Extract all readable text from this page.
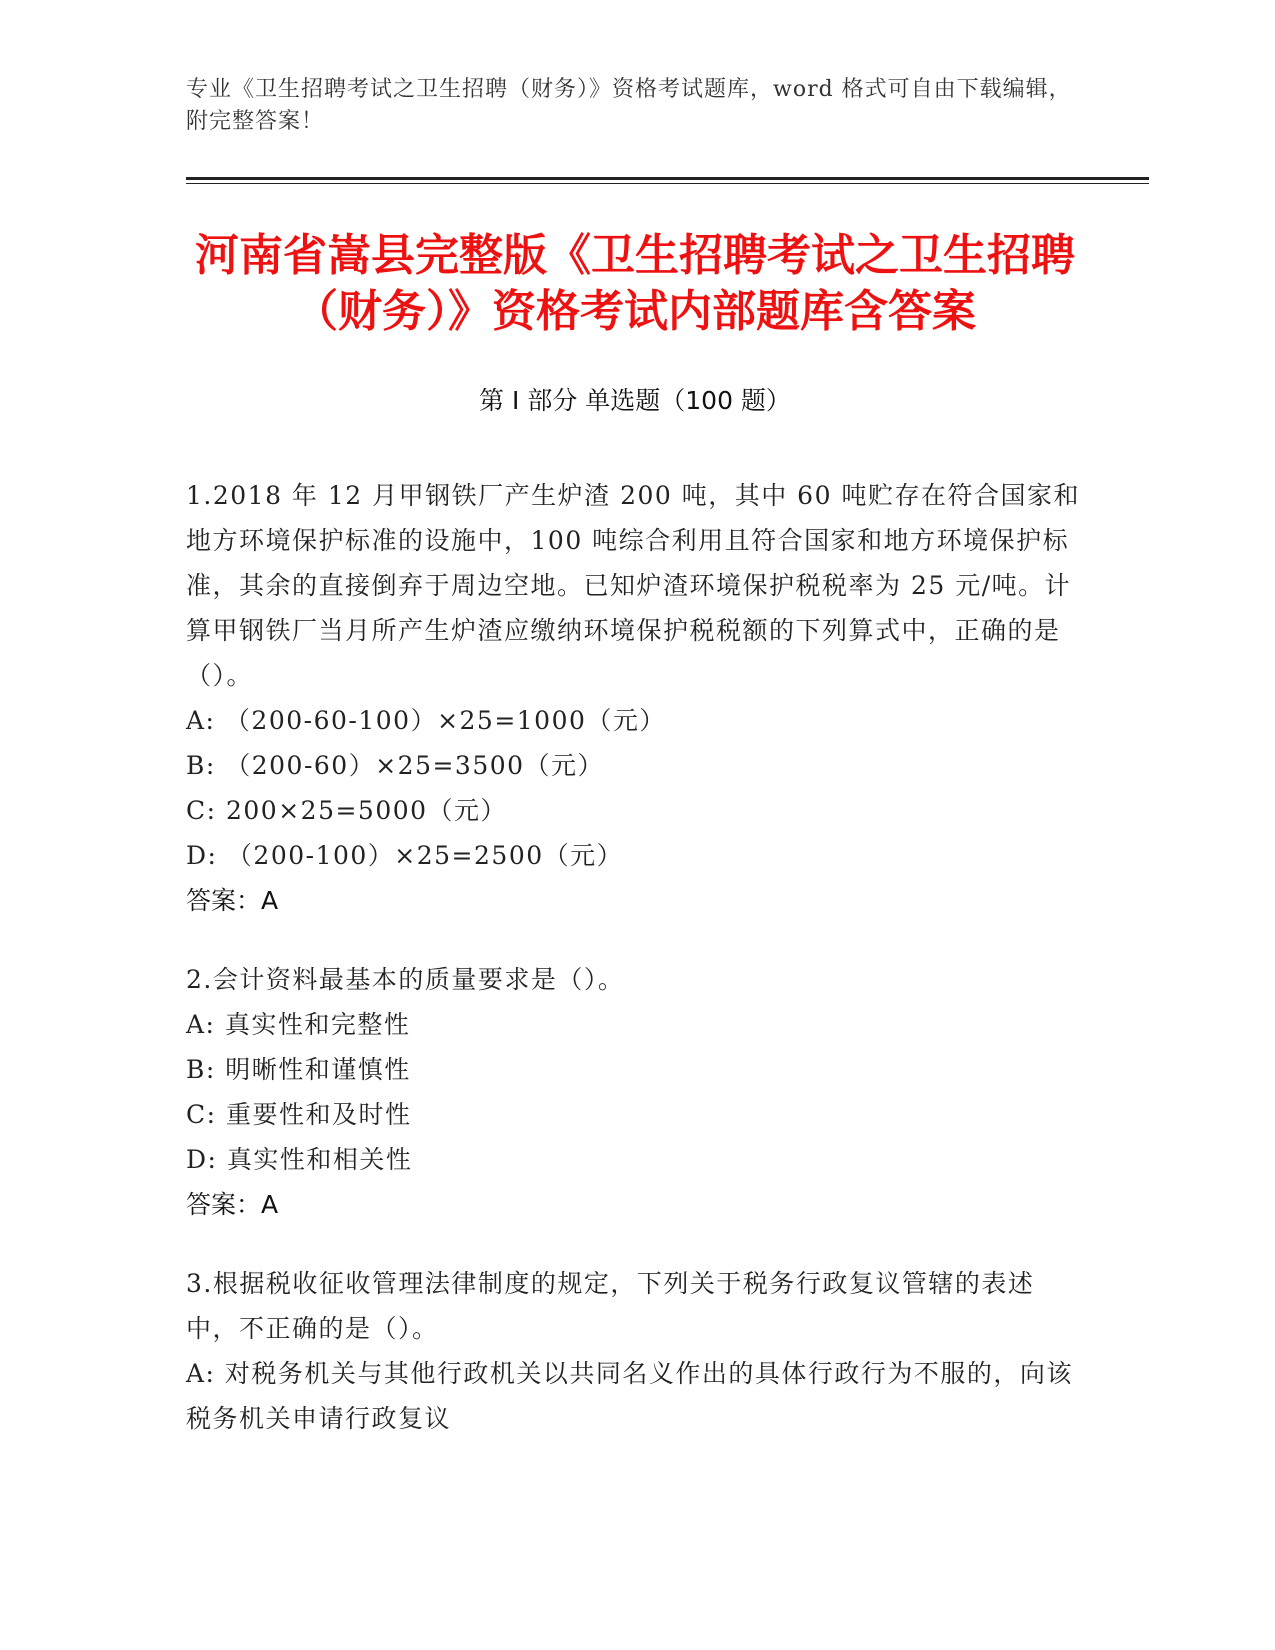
专业《卫生招聘考试之卫生招聘（财务）》资格考试题库，word 格式可自由下载编辑，附完整答案！
河南省嵩县完整版《卫生招聘考试之卫生招聘（财务）》资格考试内部题库含答案
第 I 部分 单选题（100 题）
1.2018 年 12 月甲钢铁厂产生炉渣 200 吨，其中 60 吨贮存在符合国家和地方环境保护标准的设施中，100 吨综合利用且符合国家和地方环境保护标准，其余的直接倒弃于周边空地。已知炉渣环境保护税税率为 25 元/吨。计算甲钢铁厂当月所产生炉渣应缴纳环境保护税税额的下列算式中，正确的是（）。
A: （200-60-100）×25=1000（元）
B: （200-60）×25=3500（元）
C: 200×25=5000（元）
D: （200-100）×25=2500（元）
答案：A
2.会计资料最基本的质量要求是（）。
A: 真实性和完整性
B: 明晰性和谨慎性
C: 重要性和及时性
D: 真实性和相关性
答案：A
3.根据税收征收管理法律制度的规定，下列关于税务行政复议管辖的表述中，不正确的是（）。
A: 对税务机关与其他行政机关以共同名义作出的具体行政行为不服的，向该税务机关申请行政复议
